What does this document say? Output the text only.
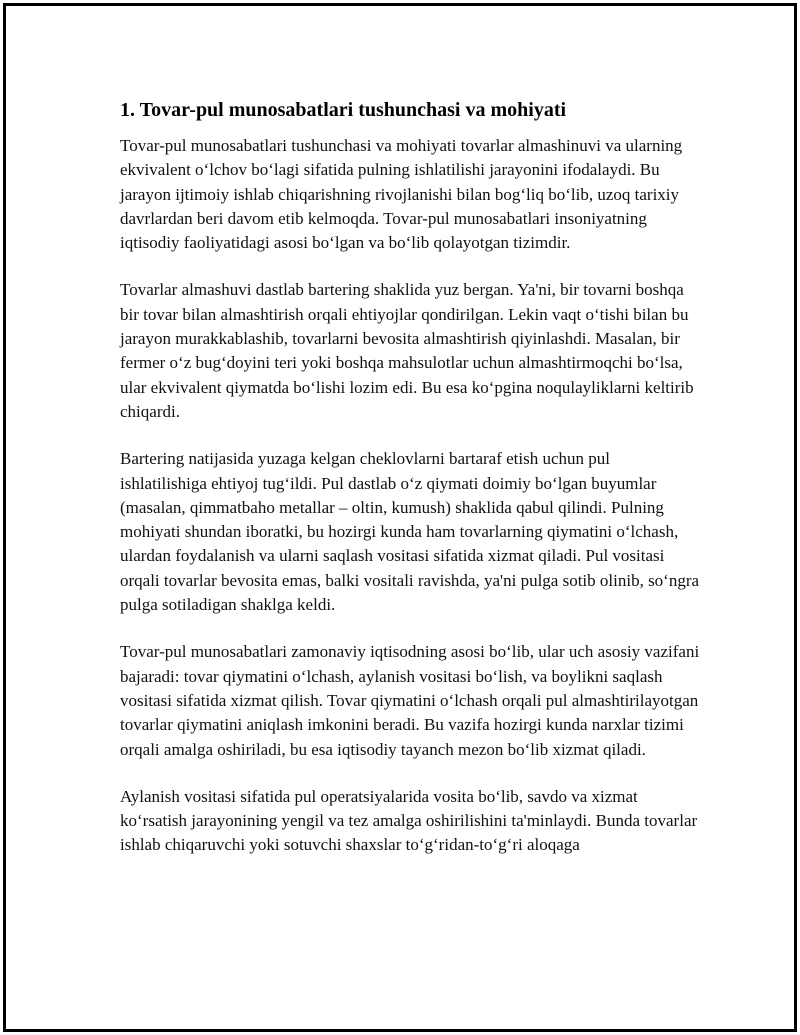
1. Tovar-pul munosabatlari tushunchasi va mohiyati

Tovar-pul munosabatlari tushunchasi va mohiyati tovarlar almashinuvi va ularning ekvivalent oʻlchov boʻlagi sifatida pulning ishlatilishi jarayonini ifodalaydi. Bu jarayon ijtimoiy ishlab chiqarishning rivojlanishi bilan bogʻliq boʻlib, uzoq tarixiy davrlardan beri davom etib kelmoqda. Tovar-pul munosabatlari insoniyatning iqtisodiy faoliyatidagi asosi boʻlgan va boʻlib qolayotgan tizimdir.

Tovarlar almashuvi dastlab bartering shaklida yuz bergan. Ya'ni, bir tovarni boshqa bir tovar bilan almashtirish orqali ehtiyojlar qondirilgan. Lekin vaqt oʻtishi bilan bu jarayon murakkablashib, tovarlarni bevosita almashtirish qiyinlashdi. Masalan, bir fermer oʻz bugʻdoyini teri yoki boshqa mahsulotlar uchun almashtirmoqchi boʻlsa, ular ekvivalent qiymatda boʻlishi lozim edi. Bu esa koʻpgina noqulayliklarni keltirib chiqardi.

Bartering natijasida yuzaga kelgan cheklovlarni bartaraf etish uchun pul ishlatilishiga ehtiyoj tugʻildi. Pul dastlab oʻz qiymati doimiy boʻlgan buyumlar (masalan, qimmatbaho metallar – oltin, kumush) shaklida qabul qilindi. Pulning mohiyati shundan iboratki, bu hozirgi kunda ham tovarlarning qiymatini oʻlchash, ulardan foydalanish va ularni saqlash vositasi sifatida xizmat qiladi. Pul vositasi orqali tovarlar bevosita emas, balki vositali ravishda, ya'ni pulga sotib olinib, soʻngra pulga sotiladigan shaklga keldi.

Tovar-pul munosabatlari zamonaviy iqtisodning asosi boʻlib, ular uch asosiy vazifani bajaradi: tovar qiymatini oʻlchash, aylanish vositasi boʻlish, va boylikni saqlash vositasi sifatida xizmat qilish. Tovar qiymatini oʻlchash orqali pul almashtirilayotgan tovarlar qiymatini aniqlash imkonini beradi. Bu vazifa hozirgi kunda narxlar tizimi orqali amalga oshiriladi, bu esa iqtisodiy tayanch mezon boʻlib xizmat qiladi.

Aylanish vositasi sifatida pul operatsiyalarida vosita boʻlib, savdo va xizmat koʻrsatish jarayonining yengil va tez amalga oshirilishini ta'minlaydi. Bunda tovarlar ishlab chiqaruvchi yoki sotuvchi shaxslar toʻgʻridan-toʻgʻri aloqaga
